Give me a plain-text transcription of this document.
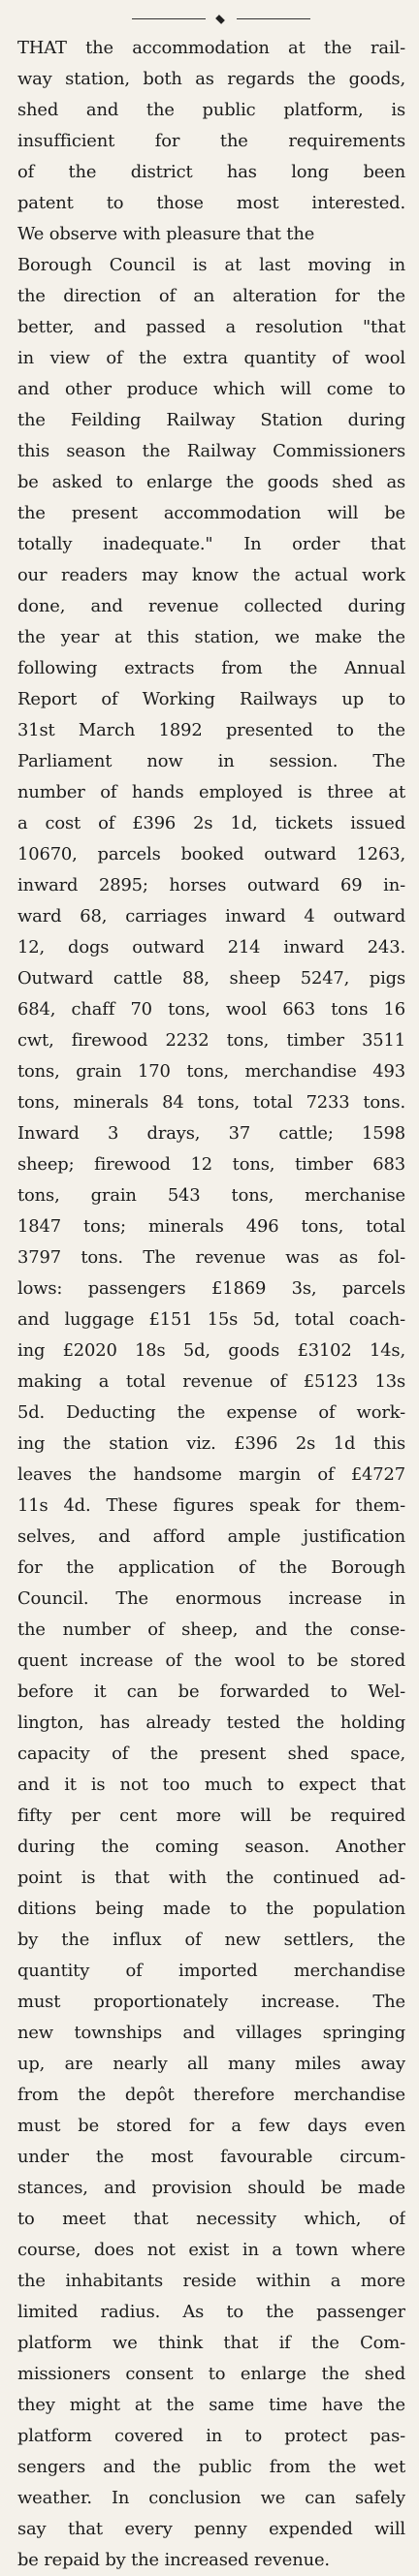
THAT the accommodation at the rail-
way station, both as regards the goods,
shed and the public platform, is
insufficient for the requirements
of the district has long been
patent to those most interested.
We observe with pleasure that the
Borough Council is at last moving in
the direction of an alteration for the
better, and passed a resolution "that
in view of the extra quantity of wool
and other produce which will come to
the Feilding Railway Station during
this season the Railway Commissioners
be asked to enlarge the goods shed as
the present accommodation will be
totally inadequate." In order that
our readers may know the actual work
done, and revenue collected during
the year at this station, we make the
following extracts from the Annual
Report of Working Railways up to
31st March 1892 presented to the
Parliament now in session. The
number of hands employed is three at
a cost of £396 2s 1d, tickets issued
10670, parcels booked outward 1263,
inward 2895; horses outward 69 in-
ward 68, carriages inward 4 outward
12, dogs outward 214 inward 243.
Outward cattle 88, sheep 5247, pigs
684, chaff 70 tons, wool 663 tons 16
cwt, firewood 2232 tons, timber 3511
tons, grain 170 tons, merchandise 493
tons, minerals 84 tons, total 7233 tons.
Inward 3 drays, 37 cattle; 1598
sheep; firewood 12 tons, timber 683
tons, grain 543 tons, merchanise
1847 tons; minerals 496 tons, total
3797 tons. The revenue was as fol-
lows: passengers £1869 3s, parcels
and luggage £151 15s 5d, total coach-
ing £2020 18s 5d, goods £3102 14s,
making a total revenue of £5123 13s
5d. Deducting the expense of work-
ing the station viz. £396 2s 1d this
leaves the handsome margin of £4727
11s 4d. These figures speak for them-
selves, and afford ample justification
for the application of the Borough
Council. The enormous increase in
the number of sheep, and the conse-
quent increase of the wool to be stored
before it can be forwarded to Wel-
lington, has already tested the holding
capacity of the present shed space,
and it is not too much to expect that
fifty per cent more will be required
during the coming season. Another
point is that with the continued ad-
ditions being made to the population
by the influx of new settlers, the
quantity of imported merchandise
must proportionately increase. The
new townships and villages springing
up, are nearly all many miles away
from the depôt therefore merchandise
must be stored for a few days even
under the most favourable circum-
stances, and provision should be made
to meet that necessity which, of
course, does not exist in a town where
the inhabitants reside within a more
limited radius. As to the passenger
platform we think that if the Com-
missioners consent to enlarge the shed
they might at the same time have the
platform covered in to protect pas-
sengers and the public from the wet
weather. In conclusion we can safely
say that every penny expended will
be repaid by the increased revenue.
